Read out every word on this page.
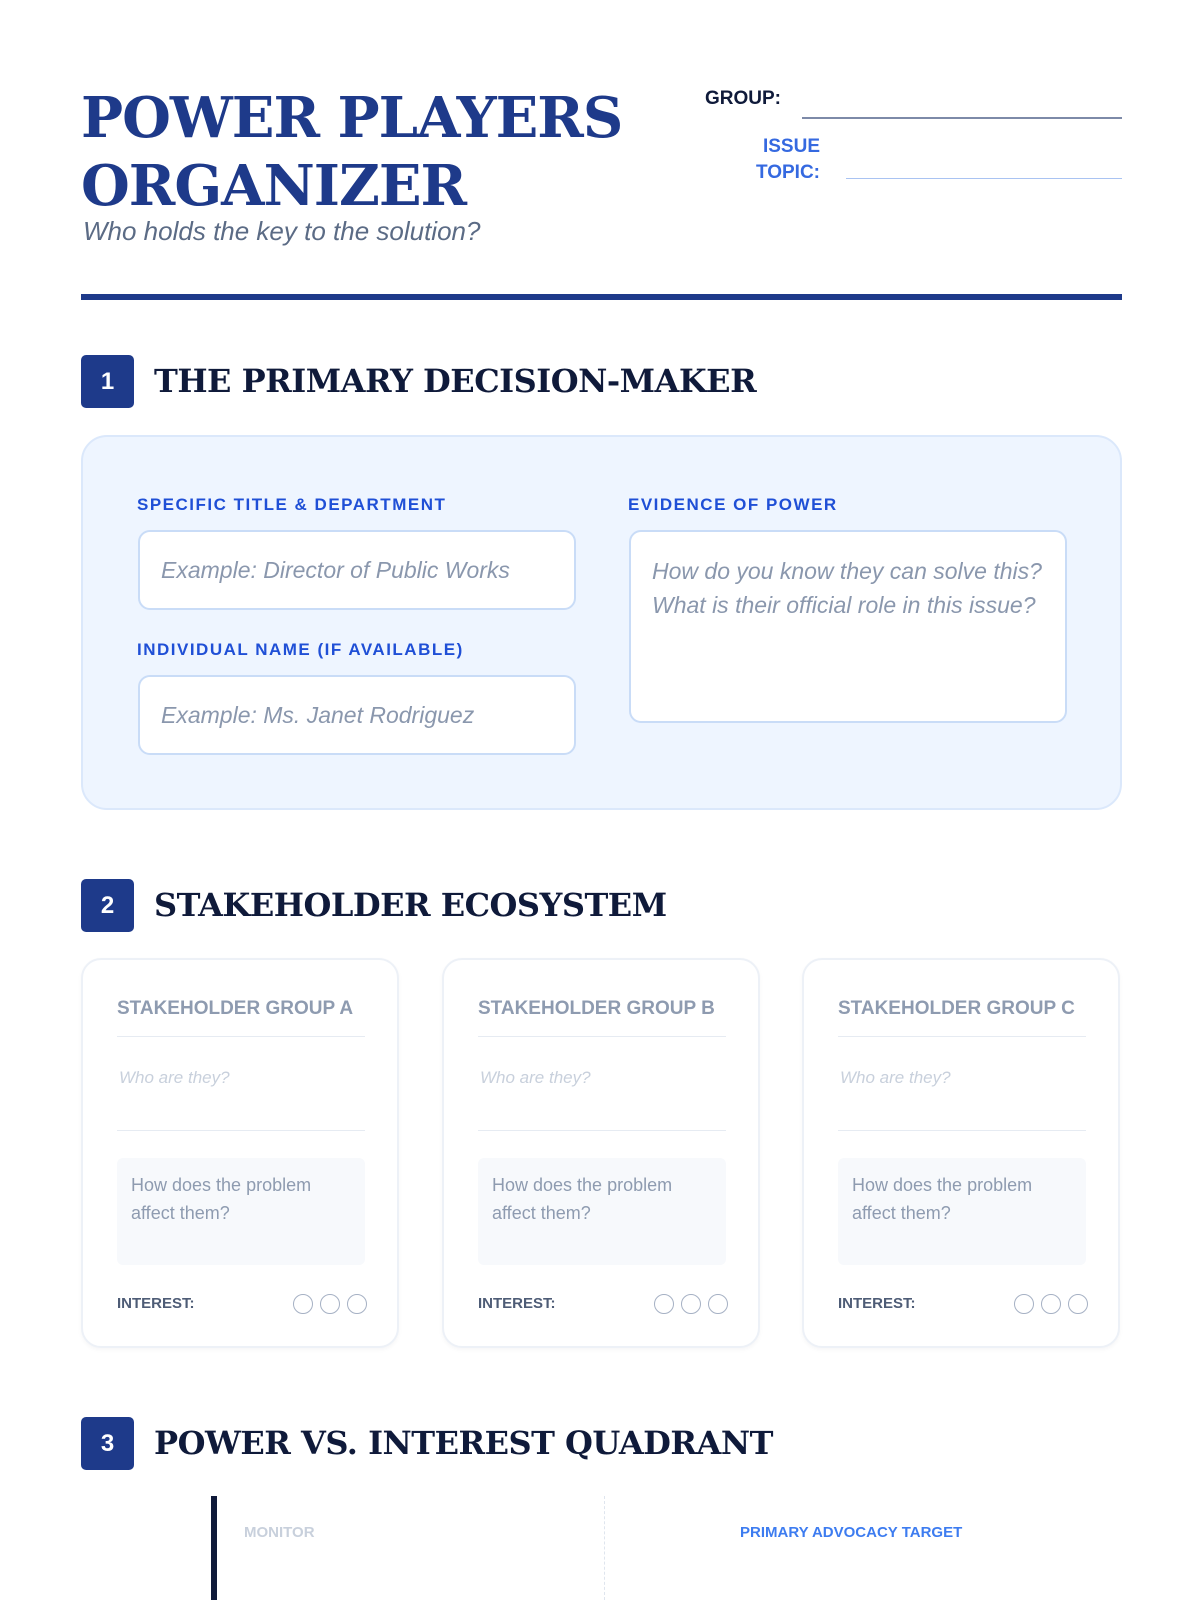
POWER PLAYERS
ORGANIZER
Who holds the key to the solution?
GROUP:
ISSUE
TOPIC:
1	THE PRIMARY DECISION-MAKER
SPECIFIC TITLE & DEPARTMENT
Example: Director of Public Works
INDIVIDUAL NAME (IF AVAILABLE)
Example: Ms. Janet Rodriguez
EVIDENCE OF POWER
How do you know they can solve this? What is their official role in this issue?
2	STAKEHOLDER ECOSYSTEM
STAKEHOLDER GROUP A
Who are they?
How does the problem affect them?
INTEREST:
STAKEHOLDER GROUP B
Who are they?
How does the problem affect them?
INTEREST:
STAKEHOLDER GROUP C
Who are they?
How does the problem affect them?
INTEREST:
3	POWER VS. INTEREST QUADRANT
MONITOR	PRIMARY ADVOCACY TARGET
